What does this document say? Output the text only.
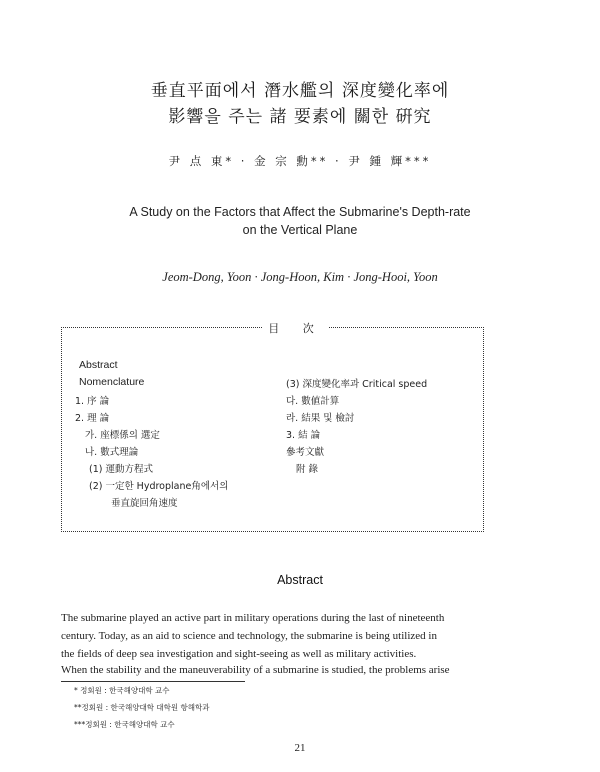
垂直平面에서 潛水艦의 深度變化率에
影響을 주는 諸 要素에 關한 硏究
尹 点 東* · 金 宗 勳** · 尹 鍾 輝***
A Study on the Factors that Affect the Submarine's Depth-rate
on the Vertical Plane
Jeom-Dong, Yoon · Jong-Hoon, Kim · Jong-Hooi, Yoon
目 次
Abstract
Nomenclature
1. 序 論
2. 理 論
가. 座標係의 選定
나. 數式理論
(1) 運動方程式
(2) 一定한 Hydroplane角에서의
垂直旋回角速度
(3) 深度變化率과 Critical speed
다. 數値計算
라. 結果 및 檢討
3. 結 論
參考文獻
附 錄
Abstract
The submarine played an active part in military operations during the last of nineteenth
century. Today, as an aid to science and technology, the submarine is being utilized in
the fields of deep sea investigation and sight-seeing as well as military activities.
When the stability and the maneuverability of a submarine is studied, the problems arise
* 정회원 : 한국해양대학 교수
**정회원 : 한국해양대학 대학원 항해학과
***정회원 : 한국해양대학 교수
21
